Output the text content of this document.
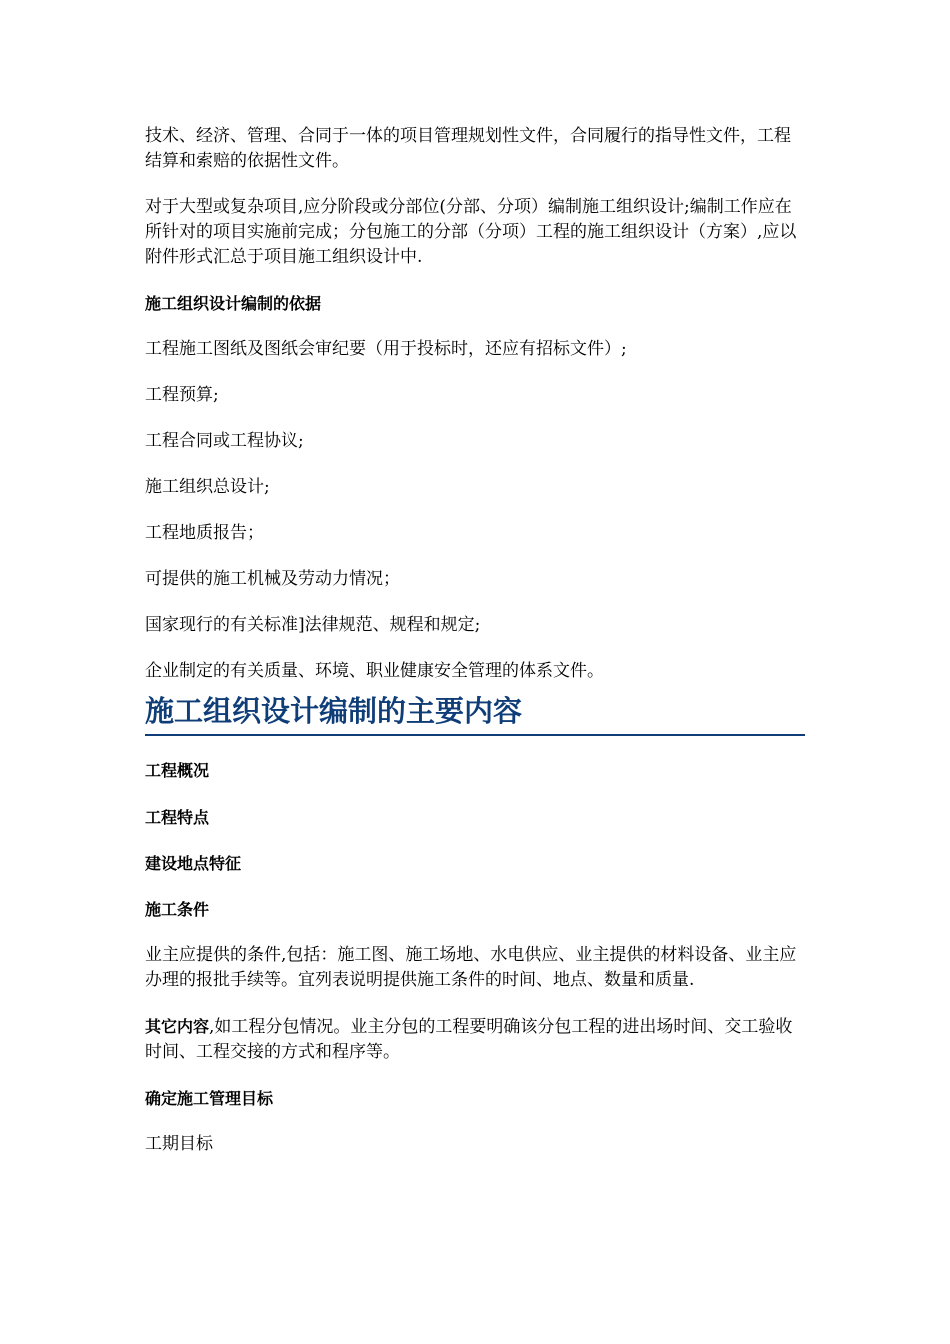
技术、经济、管理、合同于一体的项目管理规划性文件，合同履行的指导性文件，工程结算和索赔的依据性文件。

对于大型或复杂项目,应分阶段或分部位(分部、分项）编制施工组织设计;编制工作应在所针对的项目实施前完成；分包施工的分部（分项）工程的施工组织设计（方案）,应以附件形式汇总于项目施工组织设计中.

施工组织设计编制的依据

工程施工图纸及图纸会审纪要（用于投标时，还应有招标文件）;

工程预算;

工程合同或工程协议;

施工组织总设计;

工程地质报告；

可提供的施工机械及劳动力情况；

国家现行的有关标准]法律规范、规程和规定;

企业制定的有关质量、环境、职业健康安全管理的体系文件。

施工组织设计编制的主要内容

工程概况

工程特点

建设地点特征

施工条件

业主应提供的条件,包括：施工图、施工场地、水电供应、业主提供的材料设备、业主应办理的报批手续等。宜列表说明提供施工条件的时间、地点、数量和质量.

其它内容,如工程分包情况。业主分包的工程要明确该分包工程的进出场时间、交工验收时间、工程交接的方式和程序等。

确定施工管理目标

工期目标
